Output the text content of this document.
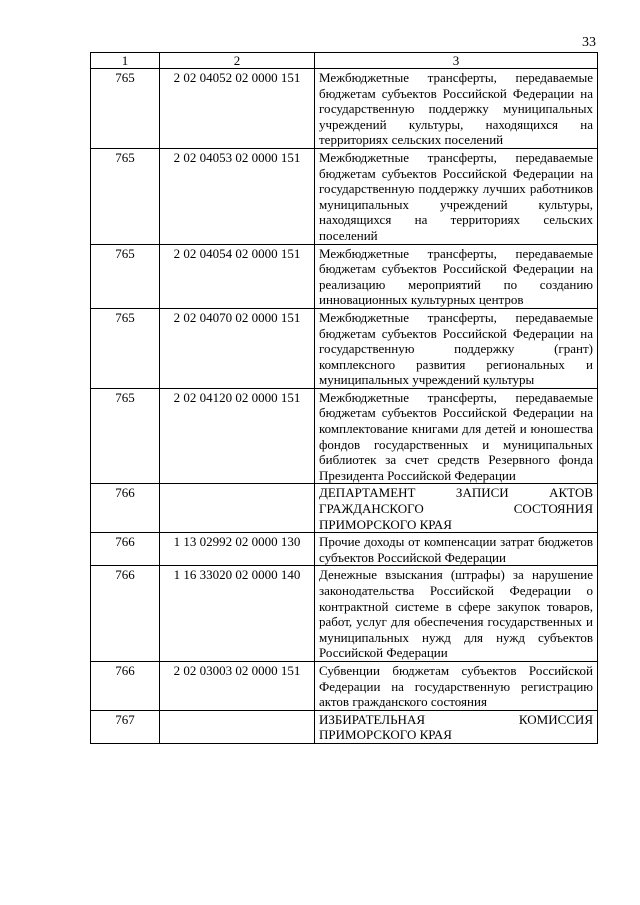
33
1	2	3
765	2 02 04052 02 0000 151	Межбюджетные трансферты, передаваемые бюджетам субъектов Российской Федерации на государственную поддержку муниципальных учреждений культуры, находящихся на территориях сельских поселений
765	2 02 04053 02 0000 151	Межбюджетные трансферты, передаваемые бюджетам субъектов Российской Федерации на государственную поддержку лучших работников муниципальных учреждений культуры, находящихся на территориях сельских поселений
765	2 02 04054 02 0000 151	Межбюджетные трансферты, передаваемые бюджетам субъектов Российской Федерации на реализацию мероприятий по созданию инновационных культурных центров
765	2 02 04070 02 0000 151	Межбюджетные трансферты, передаваемые бюджетам субъектов Российской Федерации на государственную поддержку (грант) комплексного развития региональных и муниципальных учреждений культуры
765	2 02 04120 02 0000 151	Межбюджетные трансферты, передаваемые бюджетам субъектов Российской Федерации на комплектование книгами для детей и юношества фондов государственных и муниципальных библиотек за счет средств Резервного фонда Президента Российской Федерации
766		ДЕПАРТАМЕНТ ЗАПИСИ АКТОВ ГРАЖДАНСКОГО СОСТОЯНИЯ ПРИМОРСКОГО КРАЯ
766	1 13 02992 02 0000 130	Прочие доходы от компенсации затрат бюджетов субъектов Российской Федерации
766	1 16 33020 02 0000 140	Денежные взыскания (штрафы) за нарушение законодательства Российской Федерации о контрактной системе в сфере закупок товаров, работ, услуг для обеспечения государственных и муниципальных нужд для нужд субъектов Российской Федерации
766	2 02 03003 02 0000 151	Субвенции бюджетам субъектов Российской Федерации на государственную регистрацию актов гражданского состояния
767		ИЗБИРАТЕЛЬНАЯ КОМИССИЯ ПРИМОРСКОГО КРАЯ
